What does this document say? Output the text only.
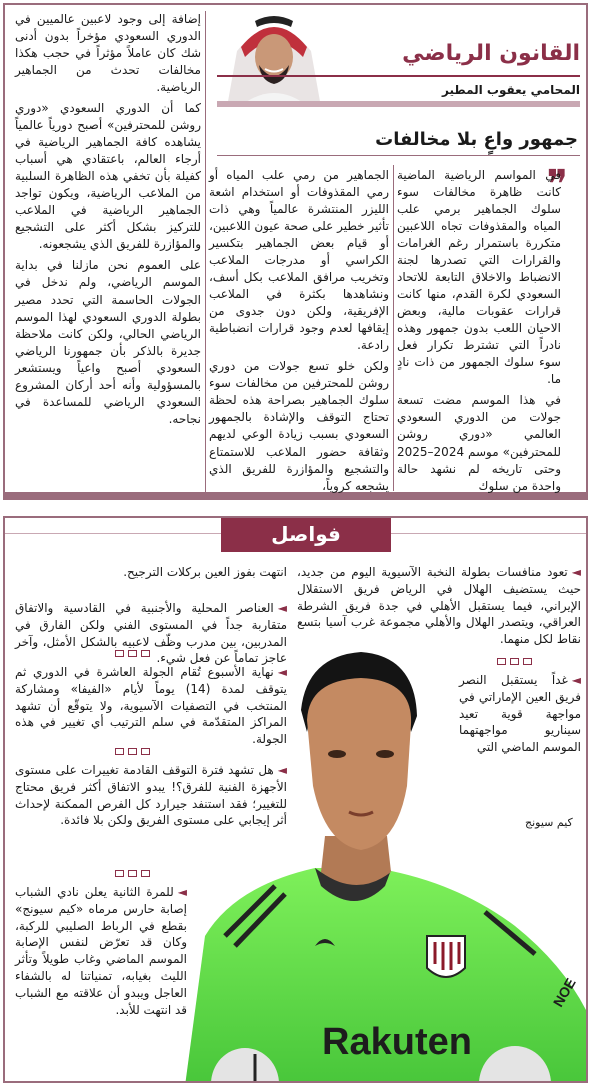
القانون الرياضي
المحامي يعقوب المطير
جمهور واعٍ بلا مخالفات
❞

في المواسم الرياضية الماضية كانت ظاهرة مخالفات سوء سلوك الجماهير برمي علب المياه والمقذوفات تجاه اللاعبين متكررة باستمرار رغم الغرامات والقرارات التي تصدرها لجنة الانضباط والاخلاق التابعة للاتحاد السعودي لكرة القدم، منها كانت قرارات عقوبات مالية، وبعض الاحيان اللعب بدون جمهور وهذه نادراً التي تشترط تكرار فعل سوء سلوك الجمهور من ذات نادٍ ما.

في هذا الموسم مضت تسعة جولات من الدوري السعودي العالمي «دوري روشن للمحترفين» موسم 2024–2025 وحتى تاريخه لم نشهد حالة واحدة من سلوك

الجماهير من رمي علب المياه أو رمي المقذوفات أو استخدام اشعة الليزر المنتشرة عالمياً وهي ذات تأثير خطير على صحة عيون اللاعبين، أو قيام بعض الجماهير بتكسير الكراسي أو مدرجات الملاعب وتخريب مرافق الملاعب بكل أسف، ونشاهدها بكثرة في الملاعب الإفريقية، ولكن دون جدوى من إيقافها لعدم وجود قرارات انضباطية رادعة.

ولكن خلو تسع جولات من دوري روشن للمحترفين من مخالفات سوء سلوك الجماهير بصراحة هذه لحظة تحتاج التوقف والإشادة بالجمهور السعودي بسبب زيادة الوعي لديهم وثقافة حضور الملاعب للاستمتاع والتشجيع والمؤازرة للفريق الذي يشجعه كروياً،

إضافة إلى وجود لاعبين عالميين في الدوري السعودي مؤخراً بدون أدنى شك كان عاملاً مؤثراً في حجب هكذا مخالفات تحدث من الجماهير الرياضية.

كما أن الدوري السعودي «دوري روشن للمحترفين» أصبح دورياً عالمياً يشاهده كافة الجماهير الرياضية في أرجاء العالم، باعتقادي هي أسباب كفيلة بأن تخفي هذه الظاهرة السلبية من الملاعب الرياضية، ويكون تواجد الجماهير الرياضية في الملاعب للتركيز بشكل أكثر على التشجيع والمؤازرة للفريق الذي يشجعونه.

على العموم نحن مازلنا في بداية الموسم الرياضي، ولم ندخل في الجولات الحاسمة التي تحدد مصير بطولة الدوري السعودي لهذا الموسم الرياضي الحالي، ولكن كانت ملاحظة جديرة بالذكر بأن جمهورنا الرياضي السعودي أصبح واعياً ويستشعر بالمسؤولية وأنه أحد أركان المشروع السعودي الرياضي للمساعدة في نجاحه.

فواصل
Rakuten
NOE
كيم سيونج
◄تعود منافسات بطولة النخبة الآسيوية اليوم من جديد، حيث يستضيف الهلال في الرياض فريق الاستقلال الإيراني، فيما يستقبل الأهلي في جدة فريق الشرطة العراقي، ويتصدر الهلال والأهلي مجموعة غرب آسيا بتسع نقاط لكل منهما.
◄غداً يستقبل النصر فريق العين الإماراتي في مواجهة قوية تعيد سيناريو مواجهتهما الموسم الماضي التي
انتهت بفوز العين بركلات الترجيح.
◄العناصر المحلية والأجنبية في القادسية والاتفاق متقاربة جداً في المستوى الفني ولكن الفارق في المدربين، بين مدرب وظّف لاعبيه بالشكل الأمثل، وآخر عاجز تماماً عن فعل شيء.
◄نهاية الأسبوع تُقام الجولة العاشرة في الدوري ثم يتوقف لمدة (14) يوماً لأيام «الفيفا» ومشاركة المنتخب في التصفيات الآسيوية، ولا يتوقّع أن تشهد المراكز المتقدّمة في سلم الترتيب أي تغيير في هذه الجولة.
◄هل تشهد فترة التوقف القادمة تغييرات على مستوى الأجهزة الفنية للفرق؟! يبدو الاتفاق أكثر فريق محتاج للتغيير؛ فقد استنفد جيرارد كل الفرص الممكنة لإحداث أثر إيجابي على مستوى الفريق ولكن بلا فائدة.
◄للمرة الثانية يعلن نادي الشباب إصابة حارس مرماه «كيم سيونج» بقطع في الرباط الصليبي للركبة، وكان قد تعرّض لنفس الإصابة الموسم الماضي وغاب طويلاً وتأثر الليث بغيابه، تمنياتنا له بالشفاء العاجل ويبدو أن علاقته مع الشباب قد انتهت للأبد.
